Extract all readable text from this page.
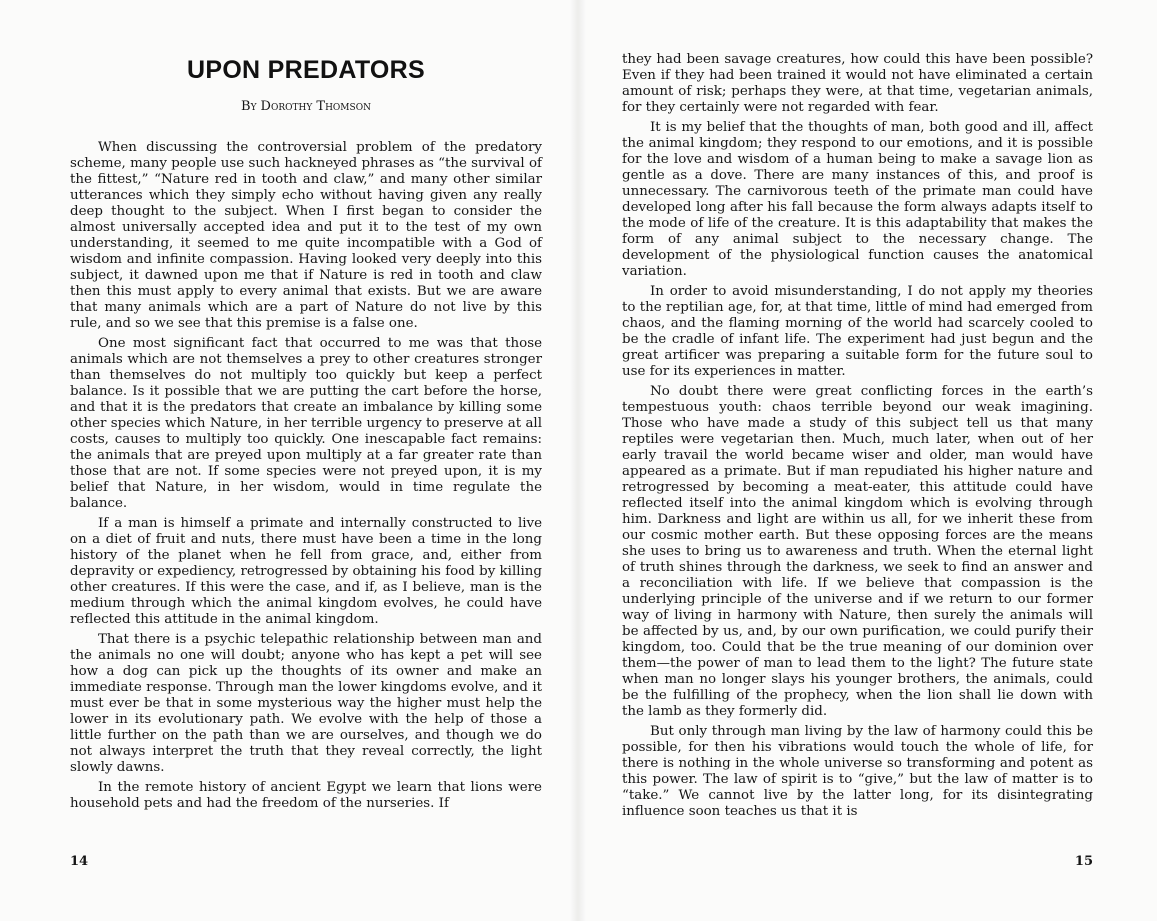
UPON PREDATORS
By Dorothy Thomson

When discussing the controversial problem of the predatory scheme, many people use such hackneyed phrases as “the survival of the fittest,” “Nature red in tooth and claw,” and many other similar utterances which they simply echo without having given any really deep thought to the subject. When I first began to consider the almost universally accepted idea and put it to the test of my own understanding, it seemed to me quite incompatible with a God of wisdom and infinite compassion. Having looked very deeply into this subject, it dawned upon me that if Nature is red in tooth and claw then this must apply to every animal that exists. But we are aware that many animals which are a part of Nature do not live by this rule, and so we see that this premise is a false one.

One most significant fact that occurred to me was that those animals which are not themselves a prey to other creatures stronger than themselves do not multiply too quickly but keep a perfect balance. Is it possible that we are putting the cart before the horse, and that it is the predators that create an imbalance by killing some other species which Nature, in her terrible urgency to preserve at all costs, causes to multiply too quickly. One inescapable fact remains: the animals that are preyed upon multiply at a far greater rate than those that are not. If some species were not preyed upon, it is my belief that Nature, in her wisdom, would in time regulate the balance.

If a man is himself a primate and internally constructed to live on a diet of fruit and nuts, there must have been a time in the long history of the planet when he fell from grace, and, either from depravity or expediency, retrogressed by obtaining his food by killing other creatures. If this were the case, and if, as I believe, man is the medium through which the animal kingdom evolves, he could have reflected this attitude in the animal kingdom.

That there is a psychic telepathic relationship between man and the animals no one will doubt; anyone who has kept a pet will see how a dog can pick up the thoughts of its owner and make an immediate response. Through man the lower kingdoms evolve, and it must ever be that in some mysterious way the higher must help the lower in its evolutionary path. We evolve with the help of those a little further on the path than we are ourselves, and though we do not always interpret the truth that they reveal correctly, the light slowly dawns.

In the remote history of ancient Egypt we learn that lions were household pets and had the freedom of the nurseries. If

14

they had been savage creatures, how could this have been possible? Even if they had been trained it would not have eliminated a certain amount of risk; perhaps they were, at that time, vegetarian animals, for they certainly were not regarded with fear.

It is my belief that the thoughts of man, both good and ill, affect the animal kingdom; they respond to our emotions, and it is possible for the love and wisdom of a human being to make a savage lion as gentle as a dove. There are many instances of this, and proof is unnecessary. The carnivorous teeth of the primate man could have developed long after his fall because the form always adapts itself to the mode of life of the creature. It is this adaptability that makes the form of any animal subject to the necessary change. The development of the physiological function causes the anatomical variation.

In order to avoid misunderstanding, I do not apply my theories to the reptilian age, for, at that time, little of mind had emerged from chaos, and the flaming morning of the world had scarcely cooled to be the cradle of infant life. The experiment had just begun and the great artificer was preparing a suitable form for the future soul to use for its experiences in matter.

No doubt there were great conflicting forces in the earth’s tempestuous youth: chaos terrible beyond our weak imagining. Those who have made a study of this subject tell us that many reptiles were vegetarian then. Much, much later, when out of her early travail the world became wiser and older, man would have appeared as a primate. But if man repudiated his higher nature and retrogressed by becoming a meat-eater, this attitude could have reflected itself into the animal kingdom which is evolving through him. Darkness and light are within us all, for we inherit these from our cosmic mother earth. But these opposing forces are the means she uses to bring us to awareness and truth. When the eternal light of truth shines through the darkness, we seek to find an answer and a reconciliation with life. If we believe that compassion is the underlying principle of the universe and if we return to our former way of living in harmony with Nature, then surely the animals will be affected by us, and, by our own purification, we could purify their kingdom, too. Could that be the true meaning of our dominion over them—the power of man to lead them to the light? The future state when man no longer slays his younger brothers, the animals, could be the fulfilling of the prophecy, when the lion shall lie down with the lamb as they formerly did.

But only through man living by the law of harmony could this be possible, for then his vibrations would touch the whole of life, for there is nothing in the whole universe so transforming and potent as this power. The law of spirit is to “give,” but the law of matter is to “take.” We cannot live by the latter long, for its disintegrating influence soon teaches us that it is

15
